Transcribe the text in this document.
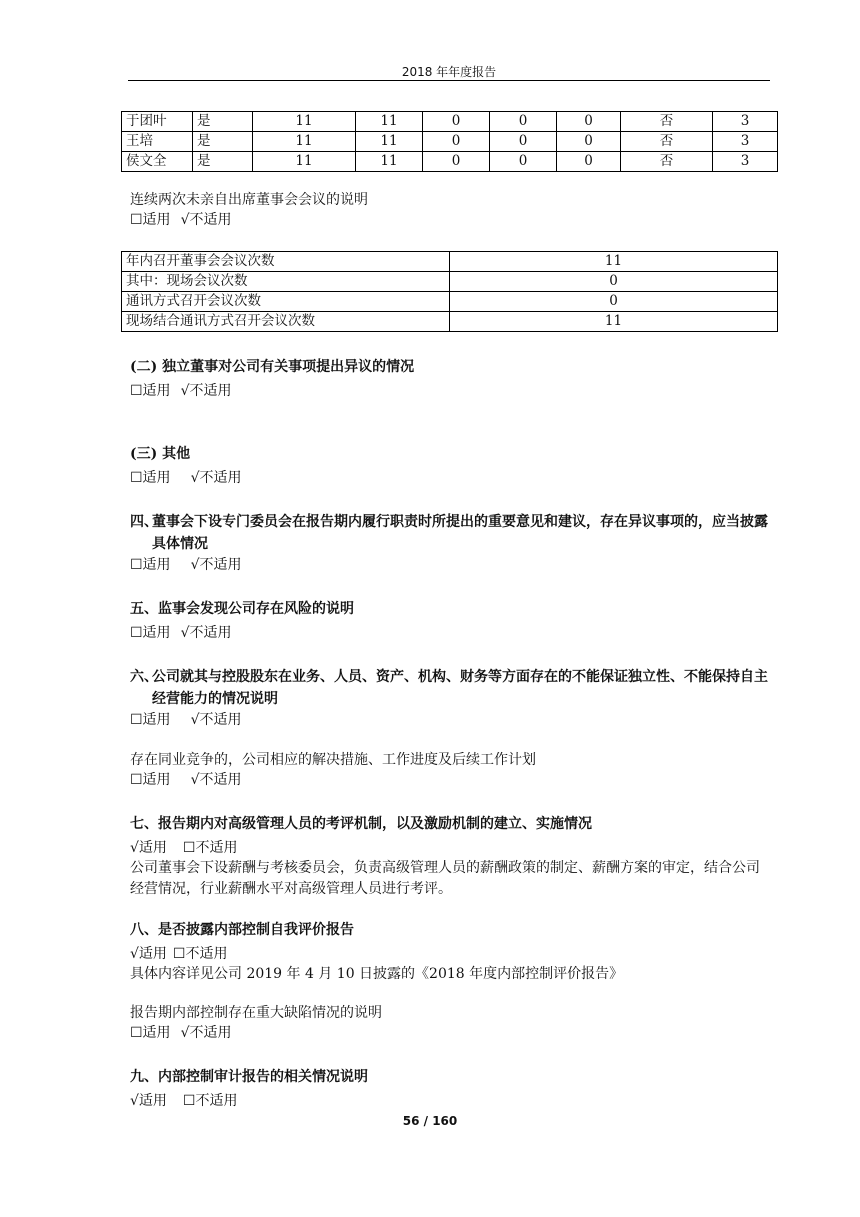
2018 年年度报告
于团叶	是	11	11	0	0	0	否	3
王培	是	11	11	0	0	0	否	3
侯文全	是	11	11	0	0	0	否	3
连续两次未亲自出席董事会会议的说明
☐适用 √不适用
年内召开董事会会议次数	11
其中：现场会议次数	0
通讯方式召开会议次数	0
现场结合通讯方式召开会议次数	11
(二) 独立董事对公司有关事项提出异议的情况
☐适用 √不适用
(三) 其他
☐适用 √不适用
四、
董事会下设专门委员会在报告期内履行职责时所提出的重要意见和建议，存在异议事项的，应当披露具体情况
☐适用 √不适用
五、监事会发现公司存在风险的说明
☐适用 √不适用
六、
公司就其与控股股东在业务、人员、资产、机构、财务等方面存在的不能保证独立性、不能保持自主经营能力的情况说明
☐适用 √不适用
存在同业竞争的，公司相应的解决措施、工作进度及后续工作计划
☐适用 √不适用
七、报告期内对高级管理人员的考评机制，以及激励机制的建立、实施情况
√适用 ☐不适用
公司董事会下设薪酬与考核委员会，负责高级管理人员的薪酬政策的制定、薪酬方案的审定，结合公司经营情况，行业薪酬水平对高级管理人员进行考评。
八、是否披露内部控制自我评价报告
√适用 ☐不适用
具体内容详见公司 2019 年 4 月 10 日披露的《2018 年度内部控制评价报告》
报告期内部控制存在重大缺陷情况的说明
☐适用 √不适用
九、内部控制审计报告的相关情况说明
√适用 ☐不适用
56 / 160
